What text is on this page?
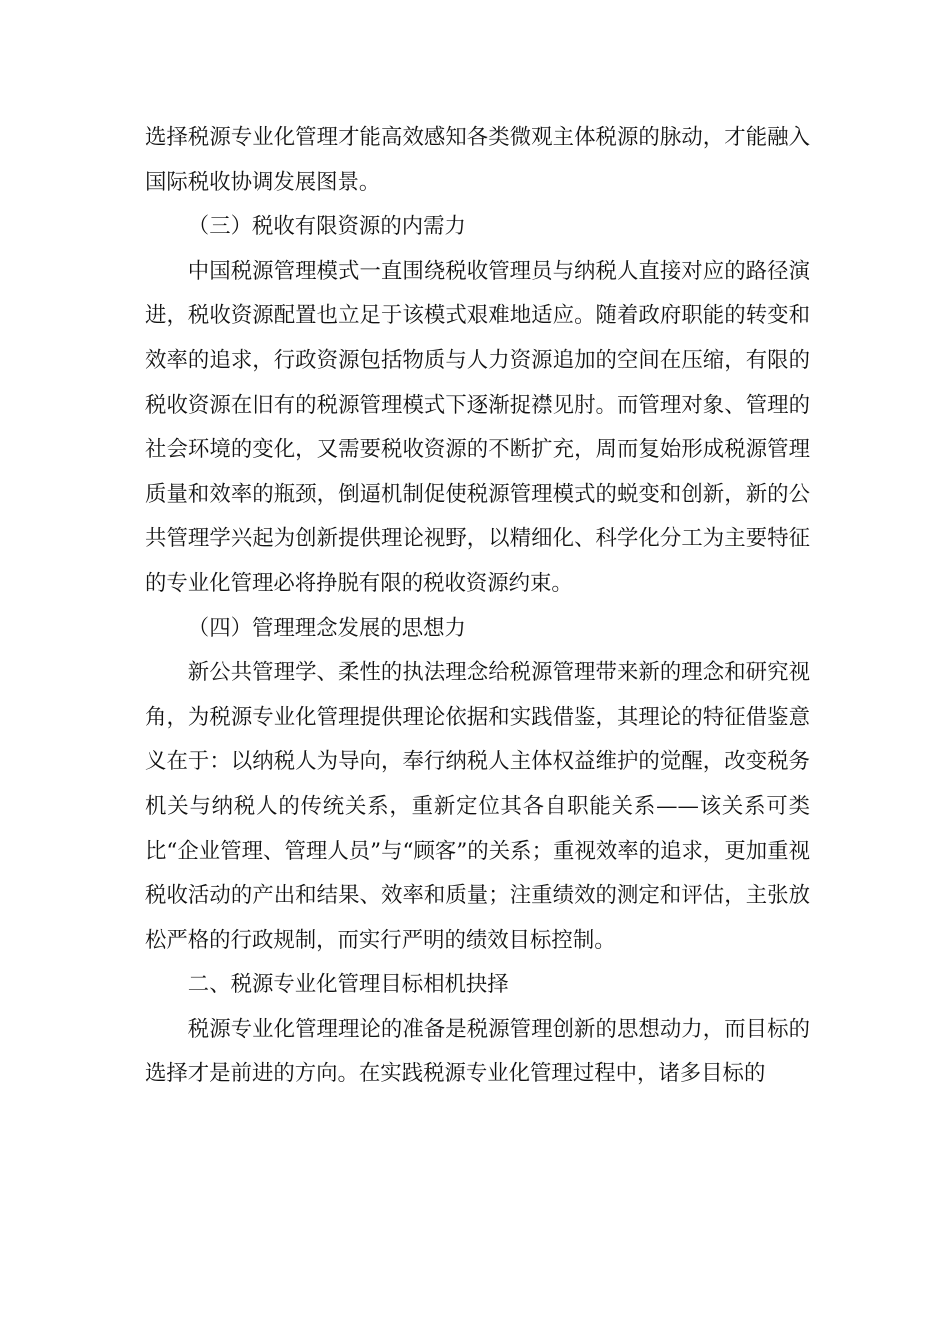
选择税源专业化管理才能高效感知各类微观主体税源的脉动，才能融入国际税收协调发展图景。

（三）税收有限资源的内需力

中国税源管理模式一直围绕税收管理员与纳税人直接对应的路径演进，税收资源配置也立足于该模式艰难地适应。随着政府职能的转变和效率的追求，行政资源包括物质与人力资源追加的空间在压缩，有限的税收资源在旧有的税源管理模式下逐渐捉襟见肘。而管理对象、管理的社会环境的变化，又需要税收资源的不断扩充，周而复始形成税源管理质量和效率的瓶颈，倒逼机制促使税源管理模式的蜕变和创新，新的公共管理学兴起为创新提供理论视野，以精细化、科学化分工为主要特征的专业化管理必将挣脱有限的税收资源约束。

（四）管理理念发展的思想力

新公共管理学、柔性的执法理念给税源管理带来新的理念和研究视角，为税源专业化管理提供理论依据和实践借鉴，其理论的特征借鉴意义在于：以纳税人为导向，奉行纳税人主体权益维护的觉醒，改变税务机关与纳税人的传统关系，重新定位其各自职能关系——该关系可类比“企业管理、管理人员”与“顾客”的关系；重视效率的追求，更加重视税收活动的产出和结果、效率和质量；注重绩效的测定和评估，主张放松严格的行政规制，而实行严明的绩效目标控制。

二、税源专业化管理目标相机抉择

税源专业化管理理论的准备是税源管理创新的思想动力，而目标的选择才是前进的方向。在实践税源专业化管理过程中，诸多目标的
